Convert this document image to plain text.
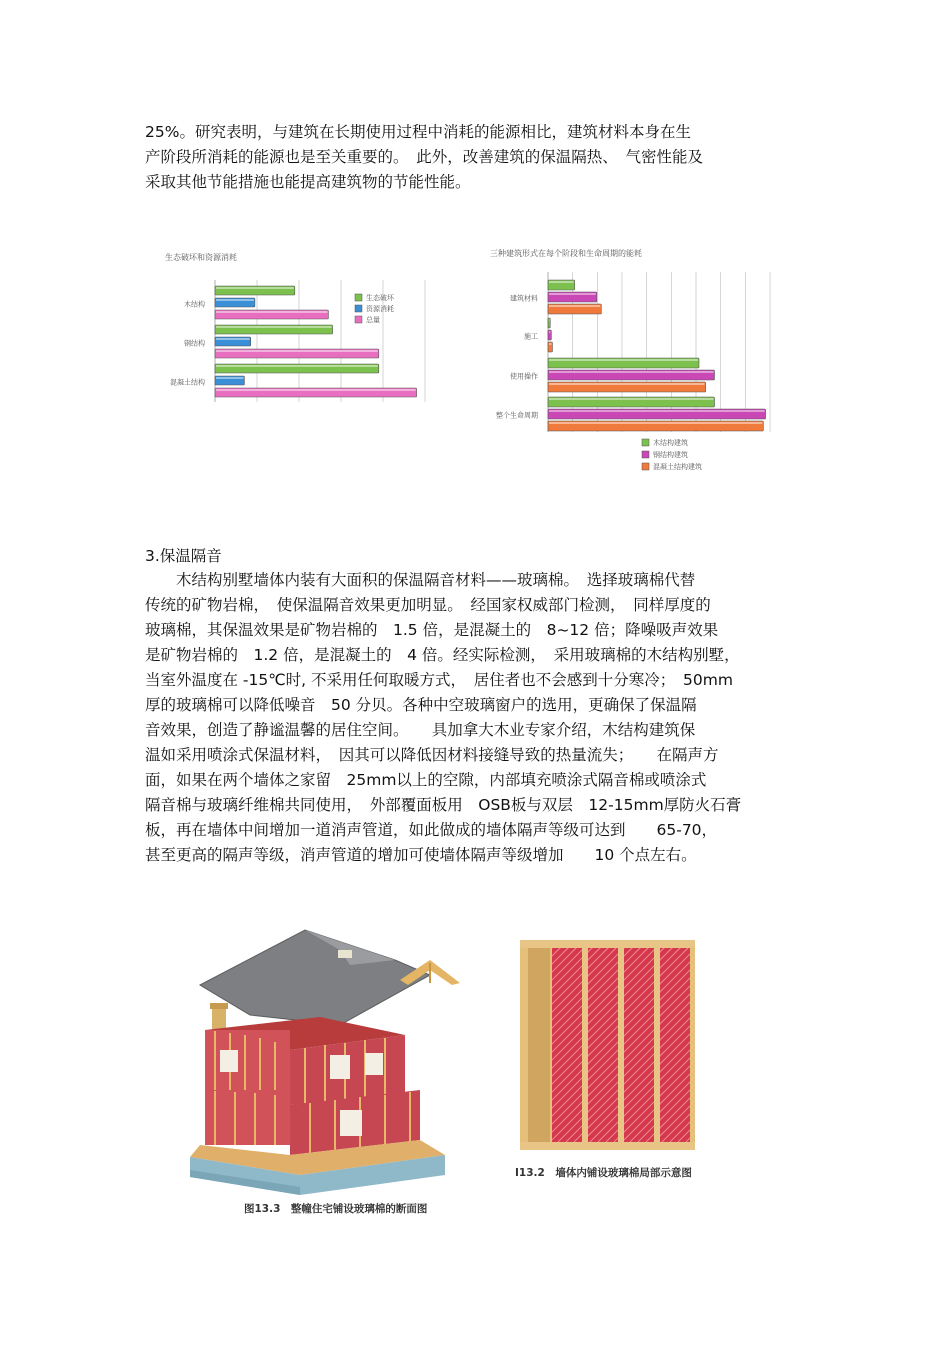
25%。研究表明，与建筑在长期使用过程中消耗的能源相比，建筑材料本身在生
产阶段所消耗的能源也是至关重要的。　此外，改善建筑的保温隔热、　气密性能及
采取其他节能措施也能提高建筑物的节能性能。
生态破坏和资源消耗
木结构
钢结构
混凝土结构
生态破坏
资源消耗
总量
三种建筑形式在每个阶段和生命周期的能耗
建筑材料
施工
使用操作
整个生命周期
木结构建筑
钢结构建筑
混凝土结构建筑
3.保温隔音
　　木结构别墅墙体内装有大面积的保温隔音材料——玻璃棉。　选择玻璃棉代替
传统的矿物岩棉，　使保温隔音效果更加明显。　经国家权威部门检测，　同样厚度的
玻璃棉，其保温效果是矿物岩棉的　1.5 倍，是混凝土的　8~12 倍；降噪吸声效果
是矿物岩棉的　1.2 倍，是混凝土的　4 倍。经实际检测，　采用玻璃棉的木结构别墅，
当室外温度在 -15℃时, 不采用任何取暖方式，　居住者也不会感到十分寒冷；　50mm
厚的玻璃棉可以降低噪音　50 分贝。各种中空玻璃窗户的选用，更确保了保温隔
音效果，创造了静谧温馨的居住空间。　　具加拿大木业专家介绍，木结构建筑保
温如采用喷涂式保温材料，　因其可以降低因材料接缝导致的热量流失；　　在隔声方
面，如果在两个墙体之家留　25mm以上的空隙，内部填充喷涂式隔音棉或喷涂式
隔音棉与玻璃纤维棉共同使用，　外部覆面板用　OSB板与双层　12-15mm厚防火石膏
板，再在墙体中间增加一道消声管道，如此做成的墙体隔声等级可达到　　65-70，
甚至更高的隔声等级，消声管道的增加可使墙体隔声等级增加　　10 个点左右。
图13.3　整幢住宅铺设玻璃棉的断面图
I13.2　墙体内铺设玻璃棉局部示意图
